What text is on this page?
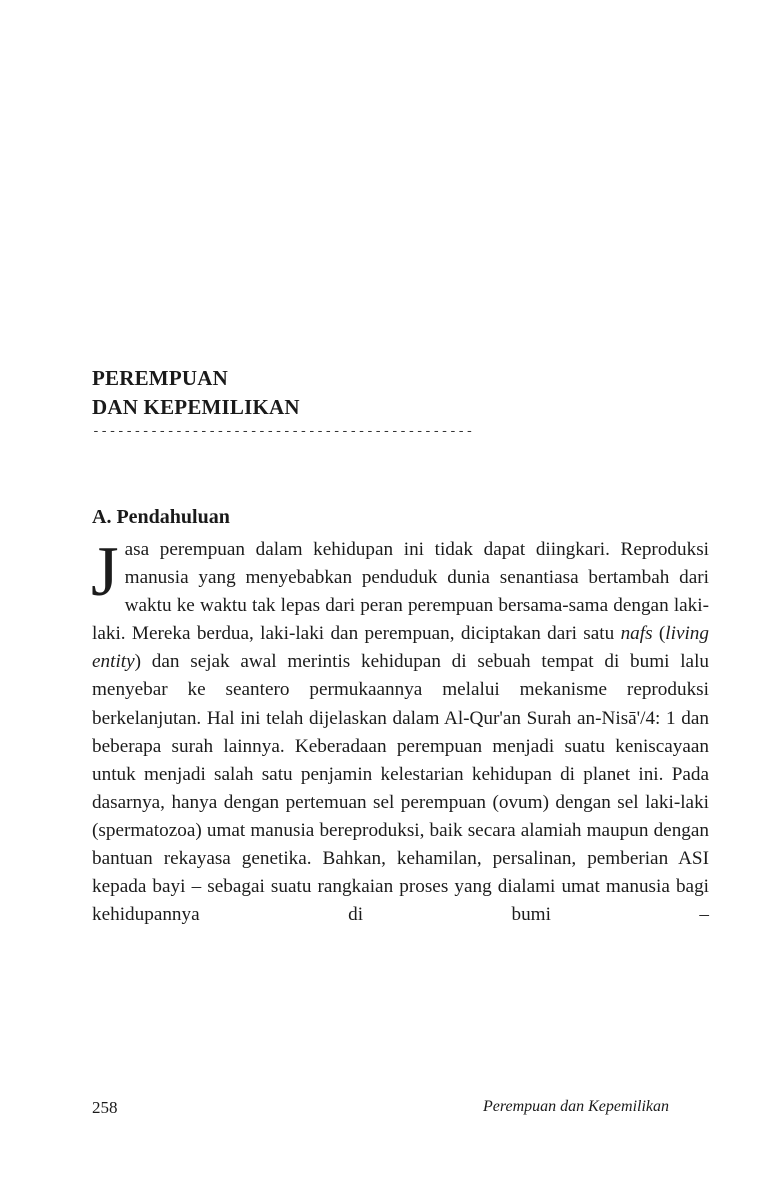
PEREMPUAN
DAN KEPEMILIKAN
----------------------------------------------
A. Pendahuluan

Jasa perempuan dalam kehidupan ini tidak dapat diingkari. Reproduksi manusia yang menyebabkan penduduk dunia senantiasa bertambah dari waktu ke waktu tak lepas dari peran perempuan bersama-sama dengan laki-laki. Mereka berdua, laki-laki dan perempuan, diciptakan dari satu nafs (living entity) dan sejak awal merintis kehidupan di sebuah tempat di bumi lalu menyebar ke seantero permukaannya melalui mekanisme reproduksi berkelanjutan. Hal ini telah dijelaskan dalam Al-Qur'an Surah an-Nisā'/4: 1 dan beberapa surah lainnya. Keberadaan perempuan menjadi suatu keniscayaan untuk menjadi salah satu penjamin kelestarian kehidupan di planet ini. Pada dasarnya, hanya dengan pertemuan sel perempuan (ovum) dengan sel laki-laki (spermatozoa) umat manusia bereproduksi, baik secara alamiah maupun dengan bantuan rekayasa genetika. Bahkan, kehamilan, persalinan, pemberian ASI kepada bayi – sebagai suatu rangkaian proses yang dialami umat manusia bagi kehidupannya di bumi –

258	Perempuan dan Kepemilikan
